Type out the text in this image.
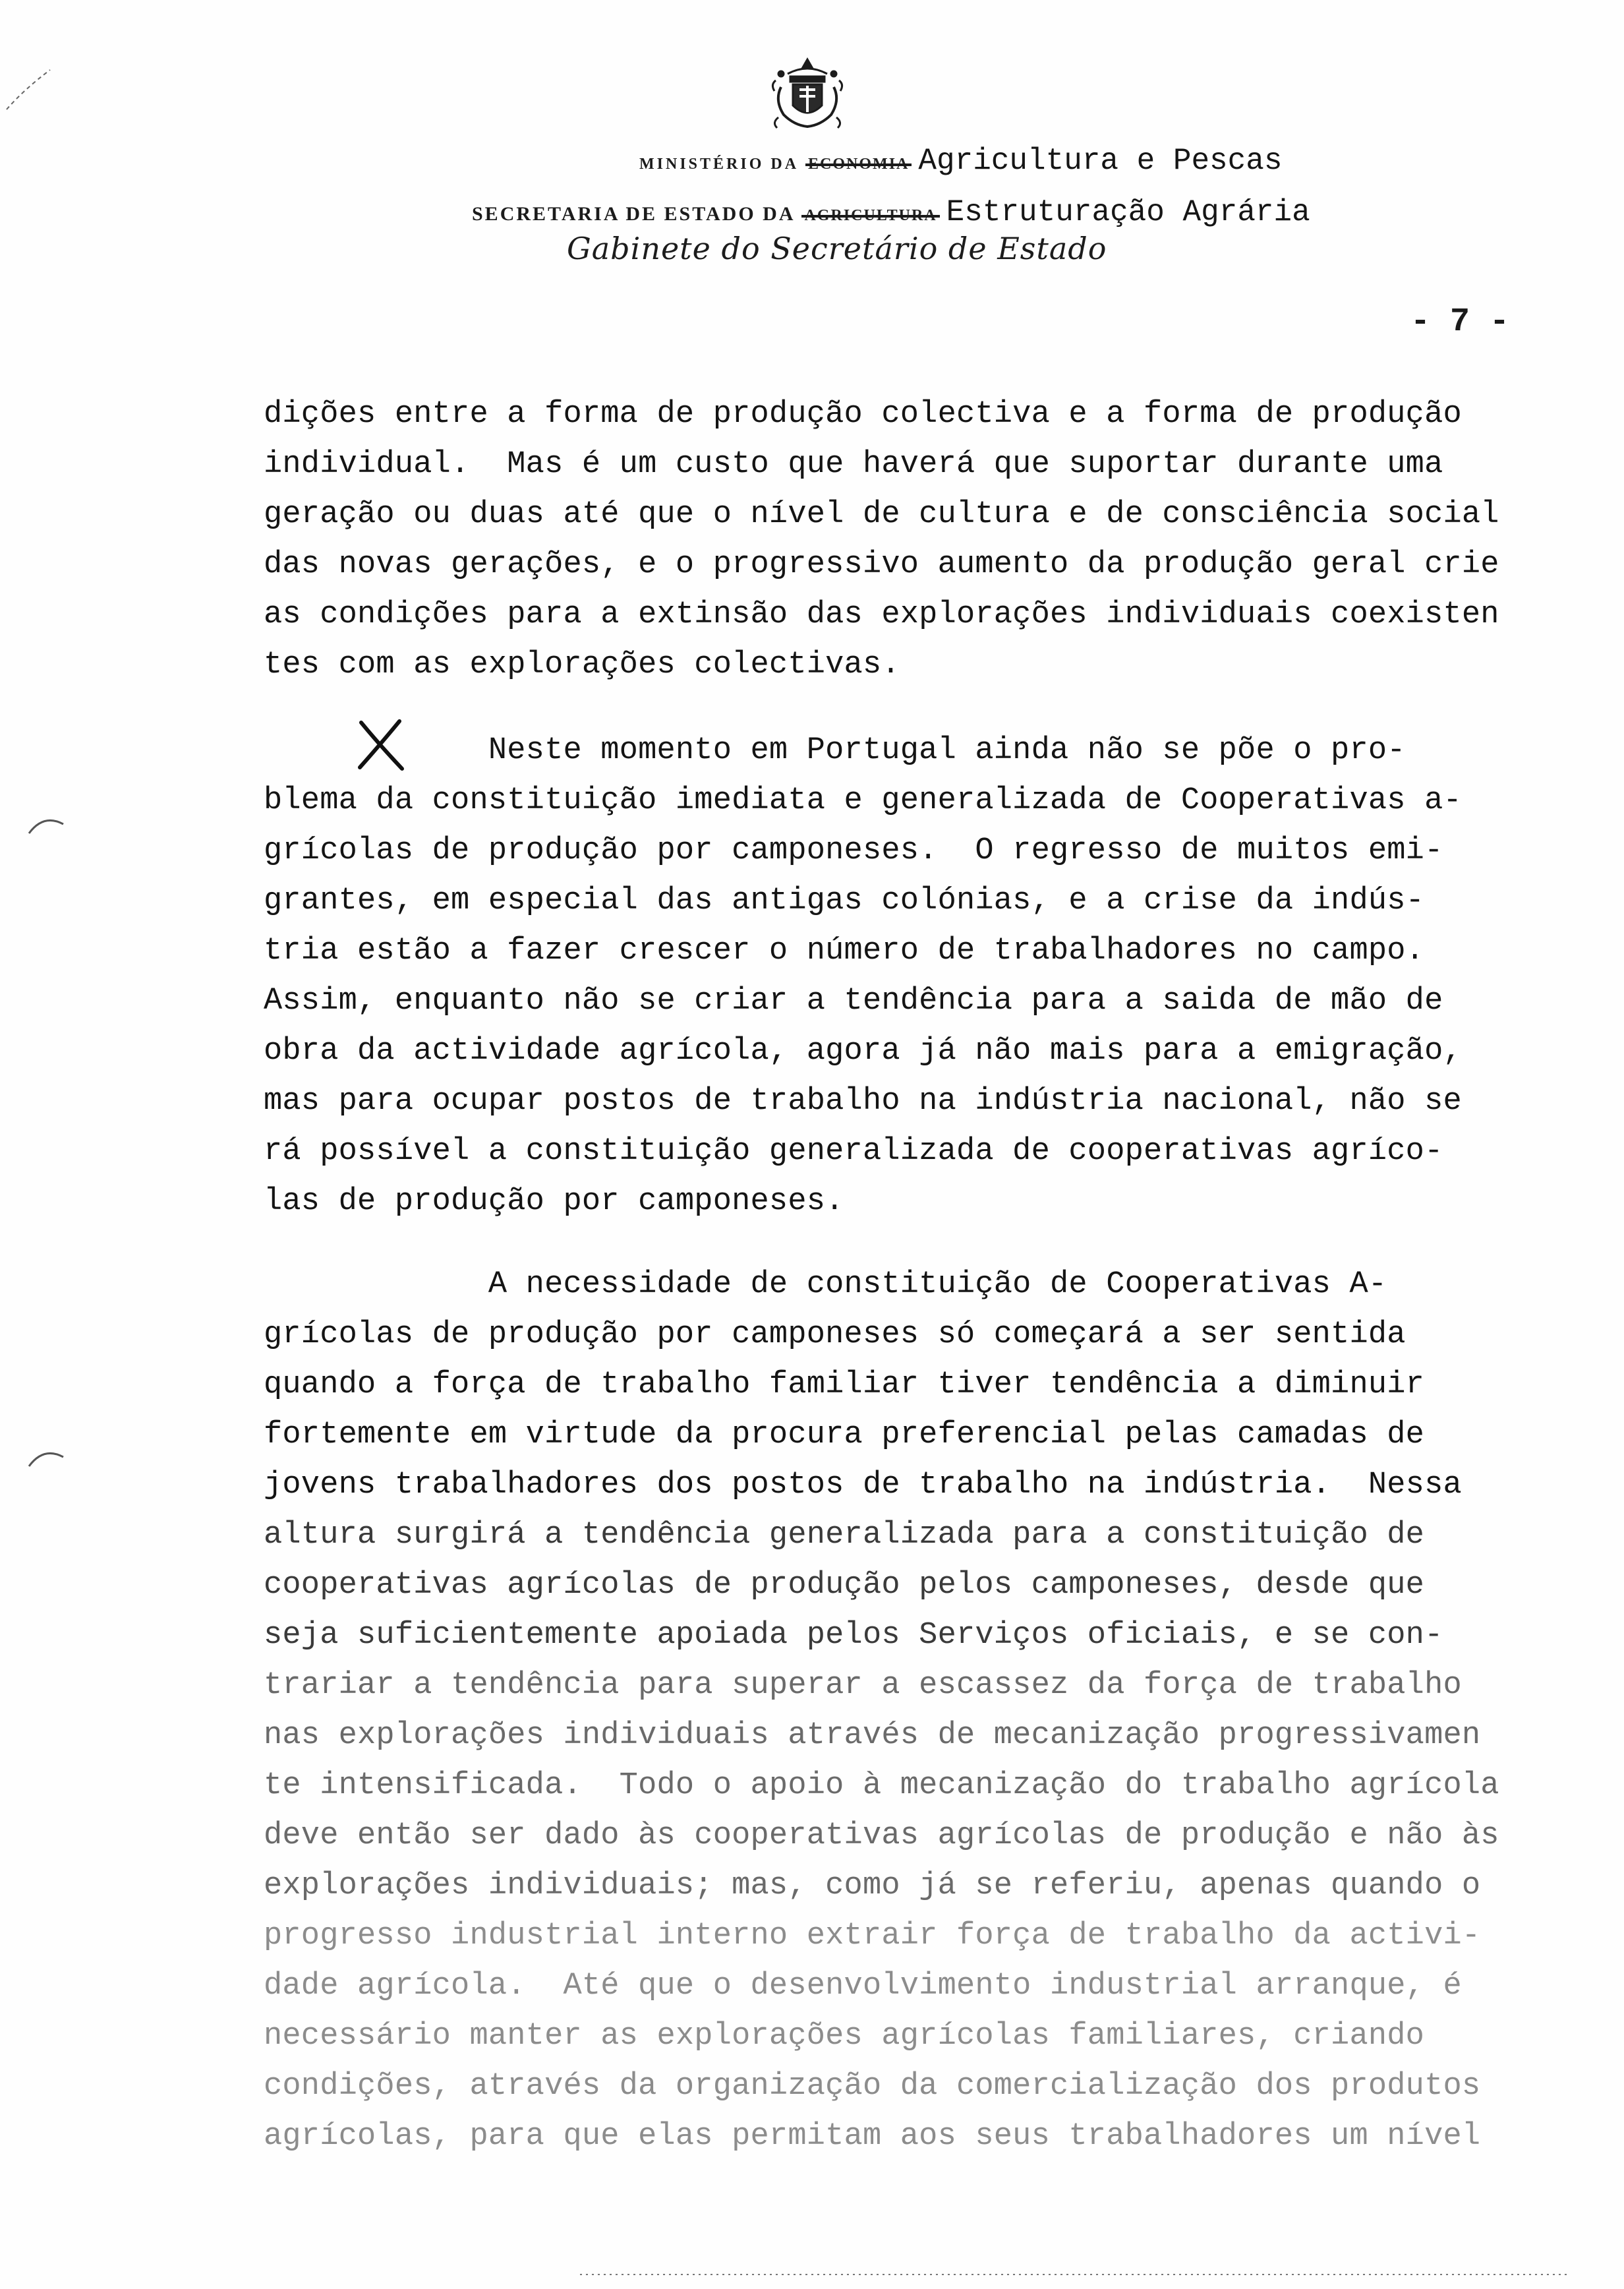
MINISTÉRIO DA ECONOMIA Agricultura e Pescas
SECRETARIA DE ESTADO DA AGRICULTURA Estruturação Agrária
Gabinete do Secretário de Estado
- 7 -
dições entre a forma de produção colectiva e a forma de produção
individual.  Mas é um custo que haverá que suportar durante uma
geração ou duas até que o nível de cultura e de consciência social
das novas gerações, e o progressivo aumento da produção geral crie
as condições para a extinsão das explorações individuais coexisten
tes com as explorações colectivas.
Neste momento em Portugal ainda não se põe o pro-
blema da constituição imediata e generalizada de Cooperativas a-
grícolas de produção por camponeses.  O regresso de muitos emi-
grantes, em especial das antigas colónias, e a crise da indús-
tria estão a fazer crescer o número de trabalhadores no campo.
Assim, enquanto não se criar a tendência para a saida de mão de
obra da actividade agrícola, agora já não mais para a emigração,
mas para ocupar postos de trabalho na indústria nacional, não se
rá possível a constituição generalizada de cooperativas agríco-
las de produção por camponeses.
A necessidade de constituição de Cooperativas A-
grícolas de produção por camponeses só começará a ser sentida
quando a força de trabalho familiar tiver tendência a diminuir
fortemente em virtude da procura preferencial pelas camadas de
jovens trabalhadores dos postos de trabalho na indústria.  Nessa
altura surgirá a tendência generalizada para a constituição de
cooperativas agrícolas de produção pelos camponeses, desde que
seja suficientemente apoiada pelos Serviços oficiais, e se con-
trariar a tendência para superar a escassez da força de trabalho
nas explorações individuais através de mecanização progressivamen
te intensificada.  Todo o apoio à mecanização do trabalho agrícola
deve então ser dado às cooperativas agrícolas de produção e não às
explorações individuais; mas, como já se referiu, apenas quando o
progresso industrial interno extrair força de trabalho da activi-
dade agrícola.  Até que o desenvolvimento industrial arranque, é
necessário manter as explorações agrícolas familiares, criando
condições, através da organização da comercialização dos produtos
agrícolas, para que elas permitam aos seus trabalhadores um nível
